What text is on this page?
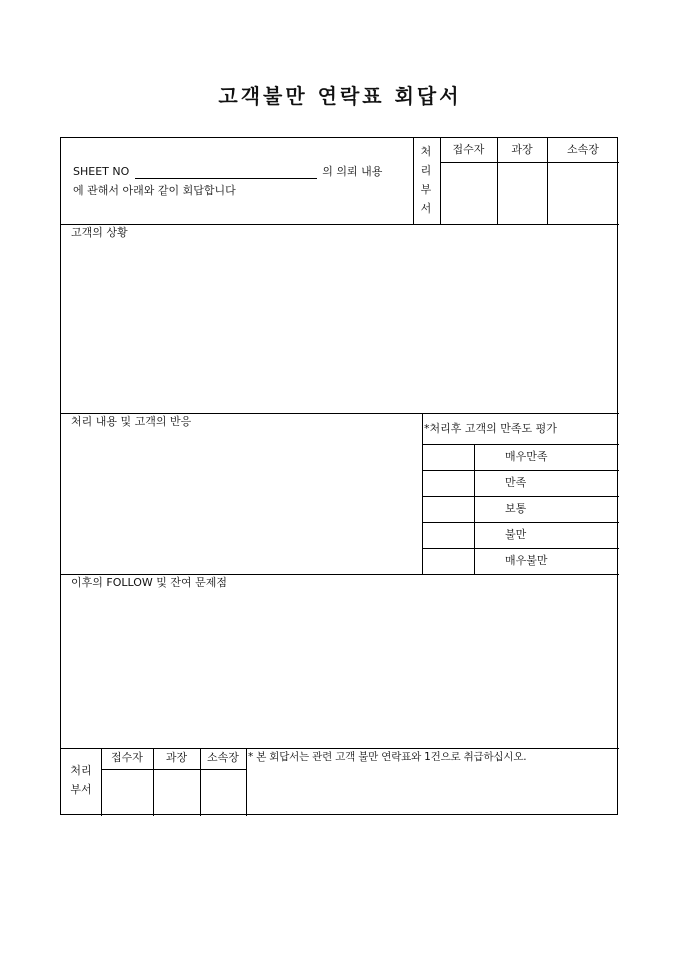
고객불만 연락표 회답서
SHEET NO	의 의뢰 내용
에 관해서 아래와 같이 회답합니다
처
리
부
서
접수자	과장	소속장
고객의 상황
처리 내용 및 고객의 반응
*처리후 고객의 만족도 평가
매우만족
만족
보통
불만
매우불만
이후의 FOLLOW 및 잔여 문제점
처리
부서
접수자	과장	소속장 * 본 회답서는 관련 고객 불만 연락표와 1건으로 취급하십시오.
